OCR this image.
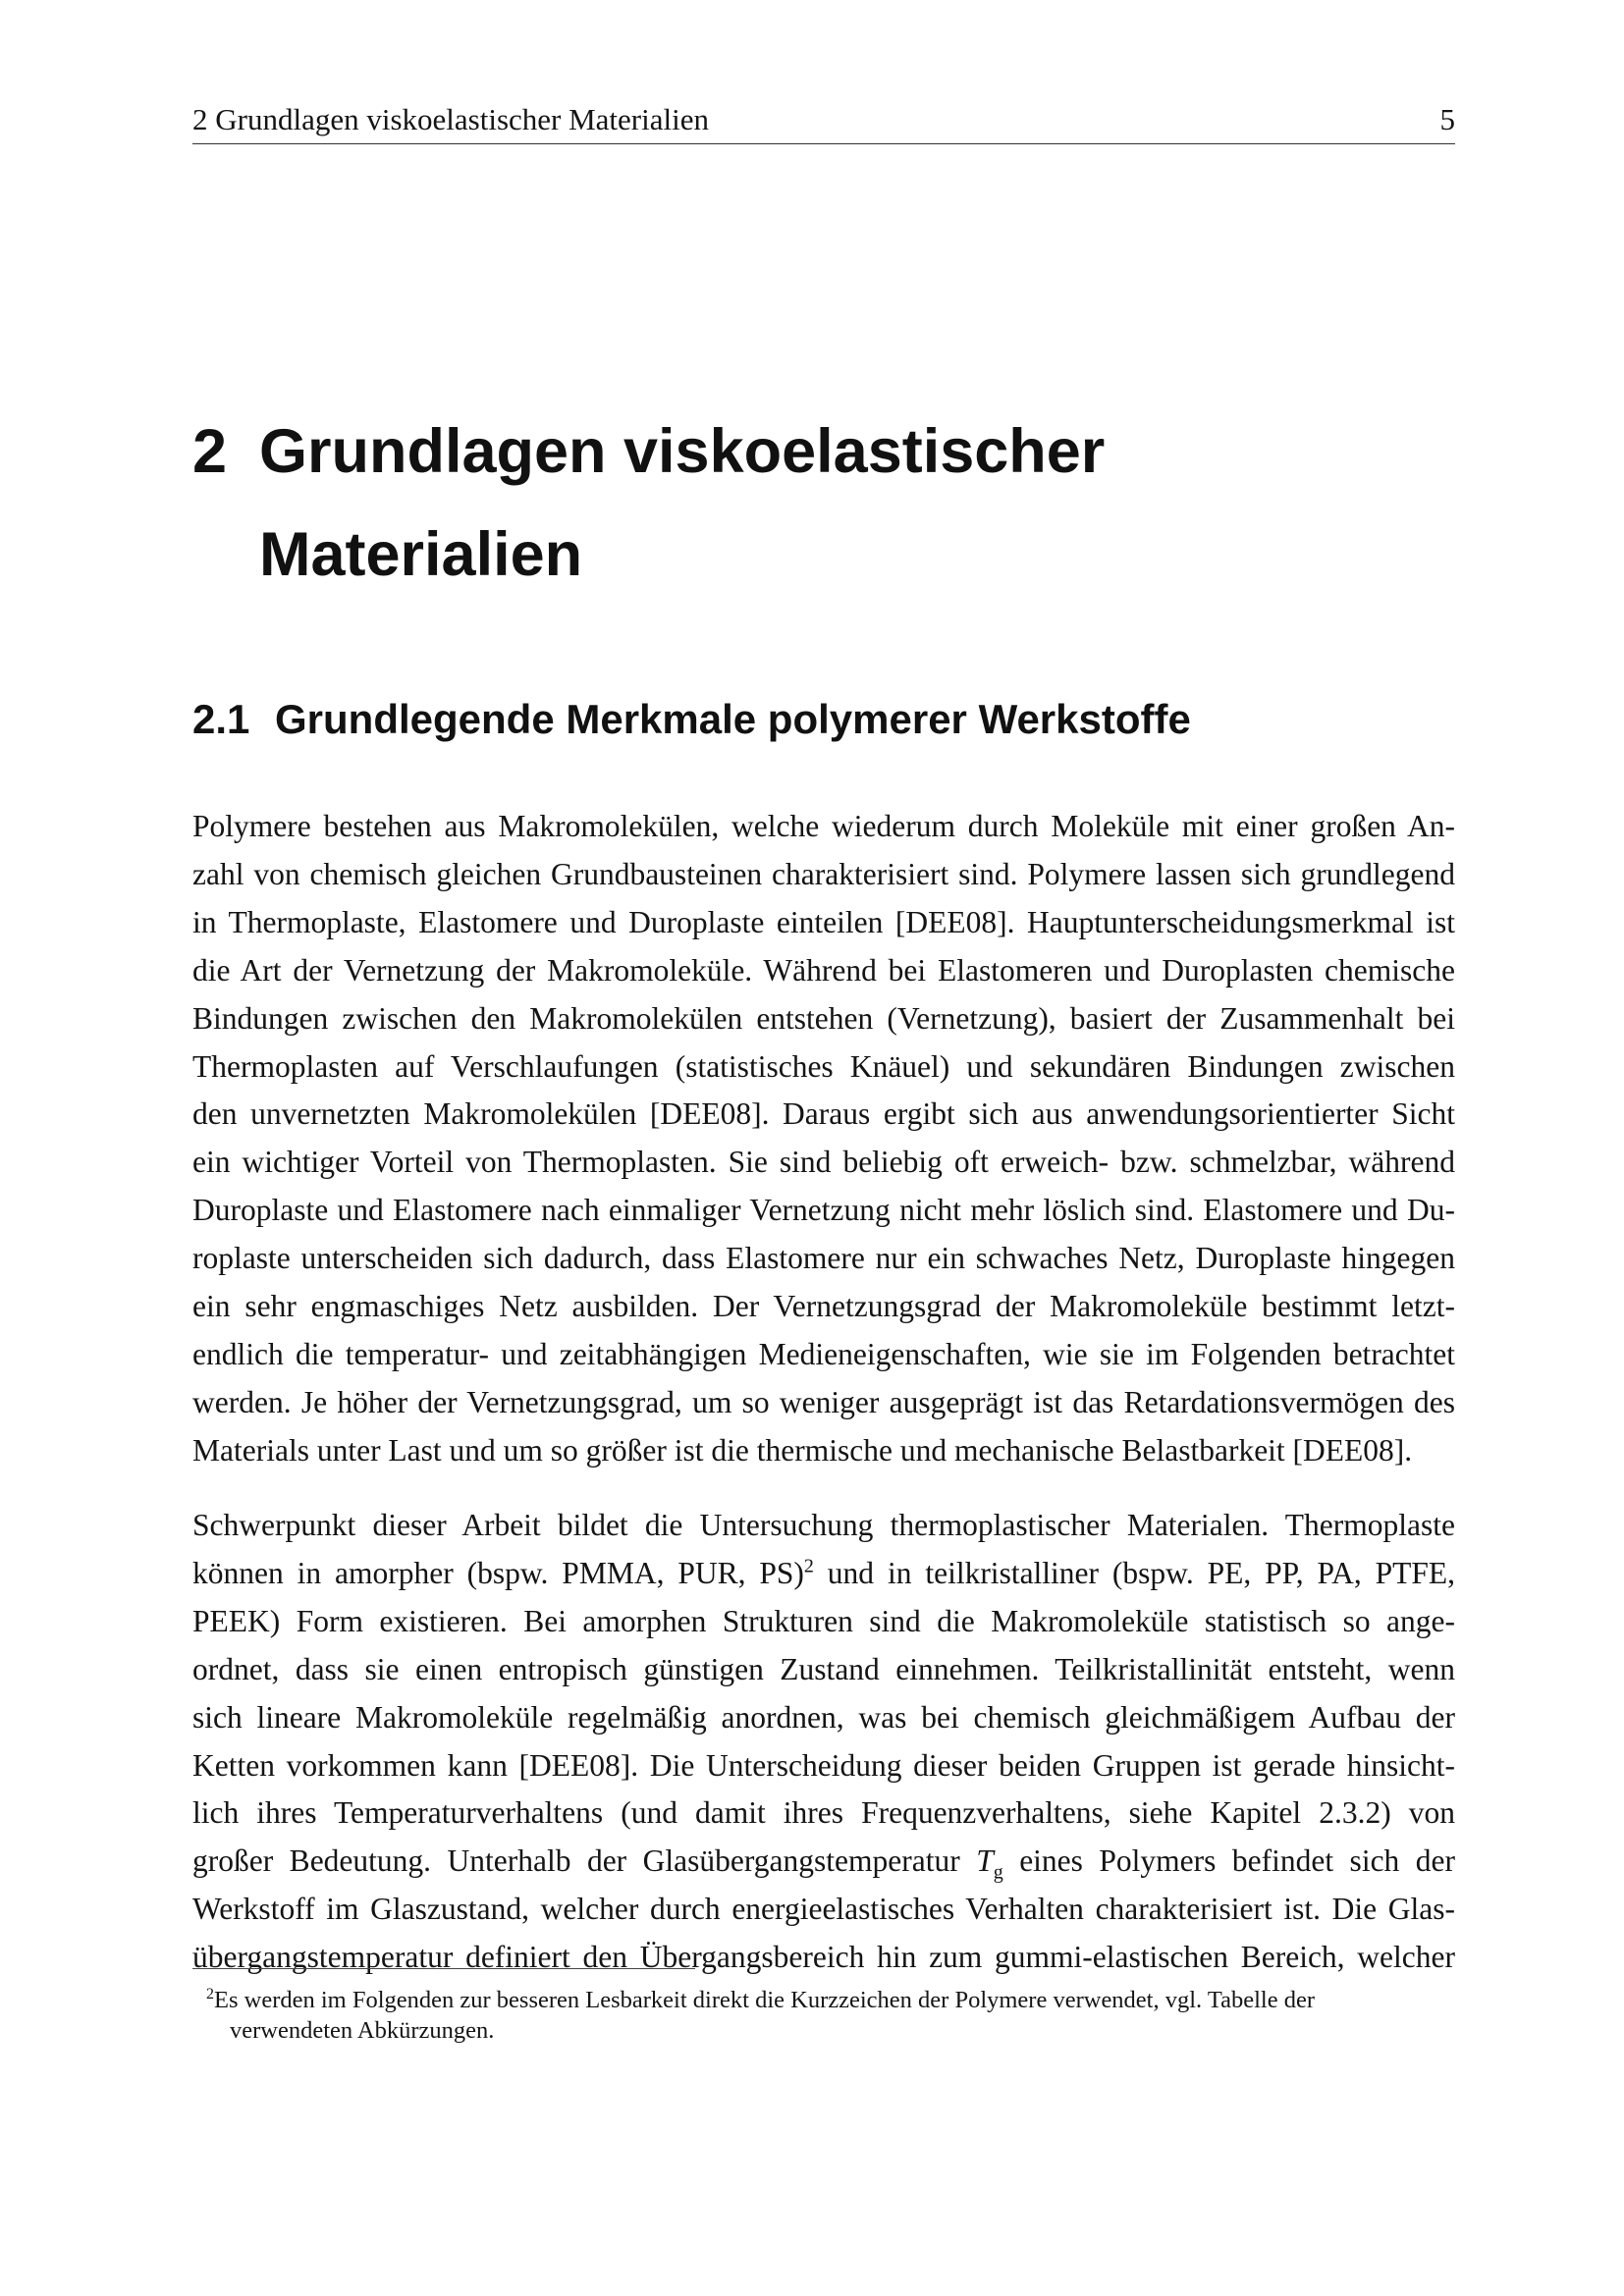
2 Grundlagen viskoelastischer Materialien	5
2 Grundlagen viskoelastischer
Materialien
2.1 Grundlegende Merkmale polymerer Werkstoffe
Polymere bestehen aus Makromolekülen, welche wiederum durch Moleküle mit einer großen An-
zahl von chemisch gleichen Grundbausteinen charakterisiert sind. Polymere lassen sich grundlegend
in Thermoplaste, Elastomere und Duroplaste einteilen [DEE08]. Hauptunterscheidungsmerkmal ist
die Art der Vernetzung der Makromoleküle. Während bei Elastomeren und Duroplasten chemische
Bindungen zwischen den Makromolekülen entstehen (Vernetzung), basiert der Zusammenhalt bei
Thermoplasten auf Verschlaufungen (statistisches Knäuel) und sekundären Bindungen zwischen
den unvernetzten Makromolekülen [DEE08]. Daraus ergibt sich aus anwendungsorientierter Sicht
ein wichtiger Vorteil von Thermoplasten. Sie sind beliebig oft erweich- bzw. schmelzbar, während
Duroplaste und Elastomere nach einmaliger Vernetzung nicht mehr löslich sind. Elastomere und Du-
roplaste unterscheiden sich dadurch, dass Elastomere nur ein schwaches Netz, Duroplaste hingegen
ein sehr engmaschiges Netz ausbilden. Der Vernetzungsgrad der Makromoleküle bestimmt letzt-
endlich die temperatur- und zeitabhängigen Medieneigenschaften, wie sie im Folgenden betrachtet
werden. Je höher der Vernetzungsgrad, um so weniger ausgeprägt ist das Retardationsvermögen des
Materials unter Last und um so größer ist die thermische und mechanische Belastbarkeit [DEE08].
Schwerpunkt dieser Arbeit bildet die Untersuchung thermoplastischer Materialen. Thermoplaste
können in amorpher (bspw. PMMA, PUR, PS)$^2$ und in teilkristalliner (bspw. PE, PP, PA, PTFE,
PEEK) Form existieren. Bei amorphen Strukturen sind die Makromoleküle statistisch so ange-
ordnet, dass sie einen entropisch günstigen Zustand einnehmen. Teilkristallinität entsteht, wenn
sich lineare Makromoleküle regelmäßig anordnen, was bei chemisch gleichmäßigem Aufbau der
Ketten vorkommen kann [DEE08]. Die Unterscheidung dieser beiden Gruppen ist gerade hinsicht-
lich ihres Temperaturverhaltens (und damit ihres Frequenzverhaltens, siehe Kapitel 2.3.2) von
großer Bedeutung. Unterhalb der Glasübergangstemperatur $T_g$ eines Polymers befindet sich der
Werkstoff im Glaszustand, welcher durch energieelastisches Verhalten charakterisiert ist. Die Glas-
übergangstemperatur definiert den Übergangsbereich hin zum gummi-elastischen Bereich, welcher
$^2$Es werden im Folgenden zur besseren Lesbarkeit direkt die Kurzzeichen der Polymere verwendet, vgl. Tabelle der
verwendeten Abkürzungen.
